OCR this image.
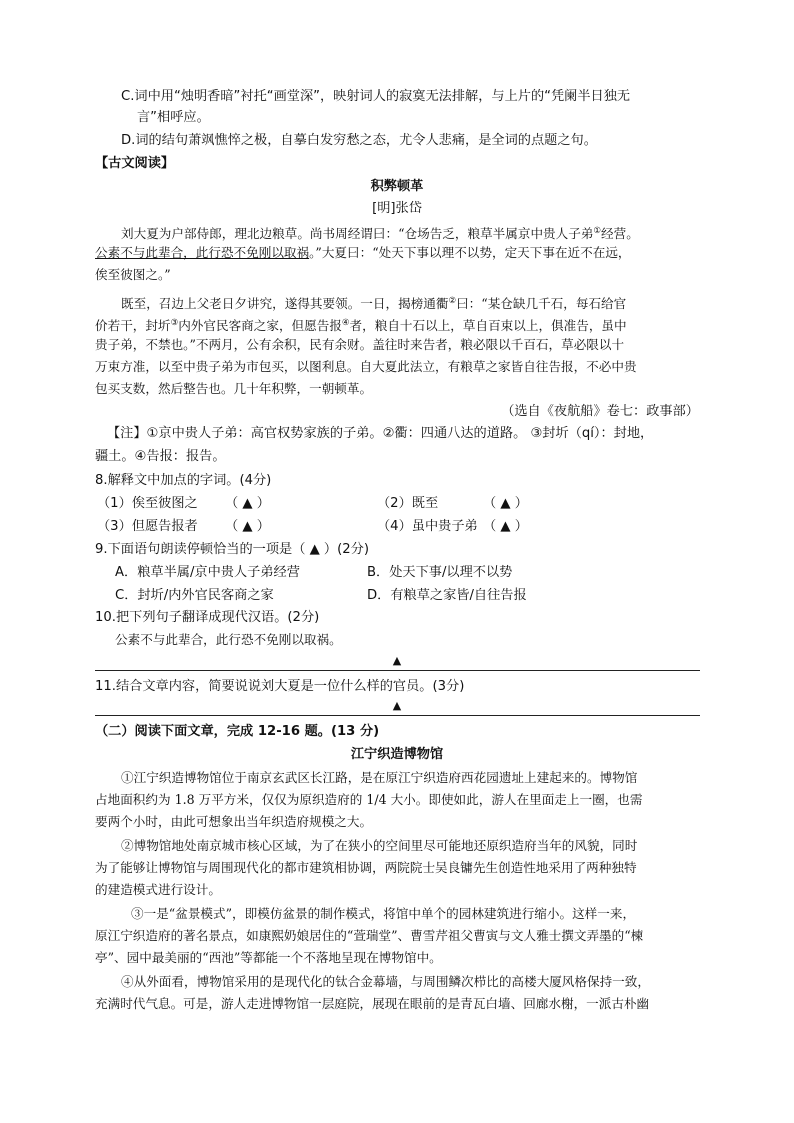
C.词中用“烛明香暗”衬托“画堂深”，映射词人的寂寞无法排解，与上片的“凭阑半日独无
言”相呼应。
D.词的结句萧飒憔悴之极，自摹白发穷愁之态，尤令人悲痛，是全词的点题之句。
【古文阅读】
积弊顿革
[明]张岱
刘大夏为户部侍郎，理北边粮草。尚书周经谓曰：“仓场告乏，粮草半属京中贵人子弟①经营。
公素不与此辈合，此行恐不免刚以取祸。”大夏曰：“处天下事以理不以势，定天下事在近不在远，
俟至彼图之。”
既至，召边上父老日夕讲究，遂得其要领。一日，揭榜通衢②曰：“某仓缺几千石，每石给官
价若干，封圻③内外官民客商之家，但愿告报④者，粮自十石以上，草自百束以上，俱准告，虽中
贵子弟，不禁也。”不两月，公有余积，民有余财。盖往时来告者，粮必限以千百石，草必限以十
万束方准，以至中贵子弟为市包买，以图利息。自大夏此法立，有粮草之家皆自往告报，不必中贵
包买支数，然后整告也。几十年积弊，一朝顿革。
（选自《夜航船》卷七：政事部）
【注】①京中贵人子弟：高官权势家族的子弟。②衢：四通八达的道路。 ③封圻（qí）：封地，
疆土。④告报：报告。
8.解释文中加点的字词。(4分)
（1）俟至彼图之 （ ▲ ）	（2）既至	（ ▲ ）
（3）但愿告报者 （ ▲ ）	（4）虽中贵子弟 （ ▲ ）
9.下面语句朗读停顿恰当的一项是（ ▲ ）(2分)
A．粮草半属/京中贵人子弟经营	B．处天下事/以理不以势
C．封圻/内外官民客商之家	D．有粮草之家皆/自往告报
10.把下列句子翻译成现代汉语。(2分)
公素不与此辈合，此行恐不免刚以取祸。
▲
11.结合文章内容，简要说说刘大夏是一位什么样的官员。(3分)
▲
（二）阅读下面文章，完成 12-16 题。(13 分)
江宁织造博物馆
①江宁织造博物馆位于南京玄武区长江路，是在原江宁织造府西花园遗址上建起来的。博物馆
占地面积约为 1.8 万平方米，仅仅为原织造府的 1/4 大小。即使如此，游人在里面走上一圈，也需
要两个小时，由此可想象出当年织造府规模之大。
②博物馆地处南京城市核心区域，为了在狭小的空间里尽可能地还原织造府当年的风貌，同时
为了能够让博物馆与周围现代化的都市建筑相协调，两院院士吴良镛先生创造性地采用了两种独特
的建造模式进行设计。
③一是“盆景模式”，即模仿盆景的制作模式，将馆中单个的园林建筑进行缩小。这样一来，
原江宁织造府的著名景点，如康熙奶娘居住的“萱瑞堂”、曹雪芹祖父曹寅与文人雅士撰文弄墨的“楝
亭”、园中最美丽的“西池”等都能一个不落地呈现在博物馆中。
④从外面看，博物馆采用的是现代化的钛合金幕墙，与周围鳞次栉比的高楼大厦风格保持一致，
充满时代气息。可是，游人走进博物馆一层庭院，展现在眼前的是青瓦白墙、回廊水榭，一派古朴幽
